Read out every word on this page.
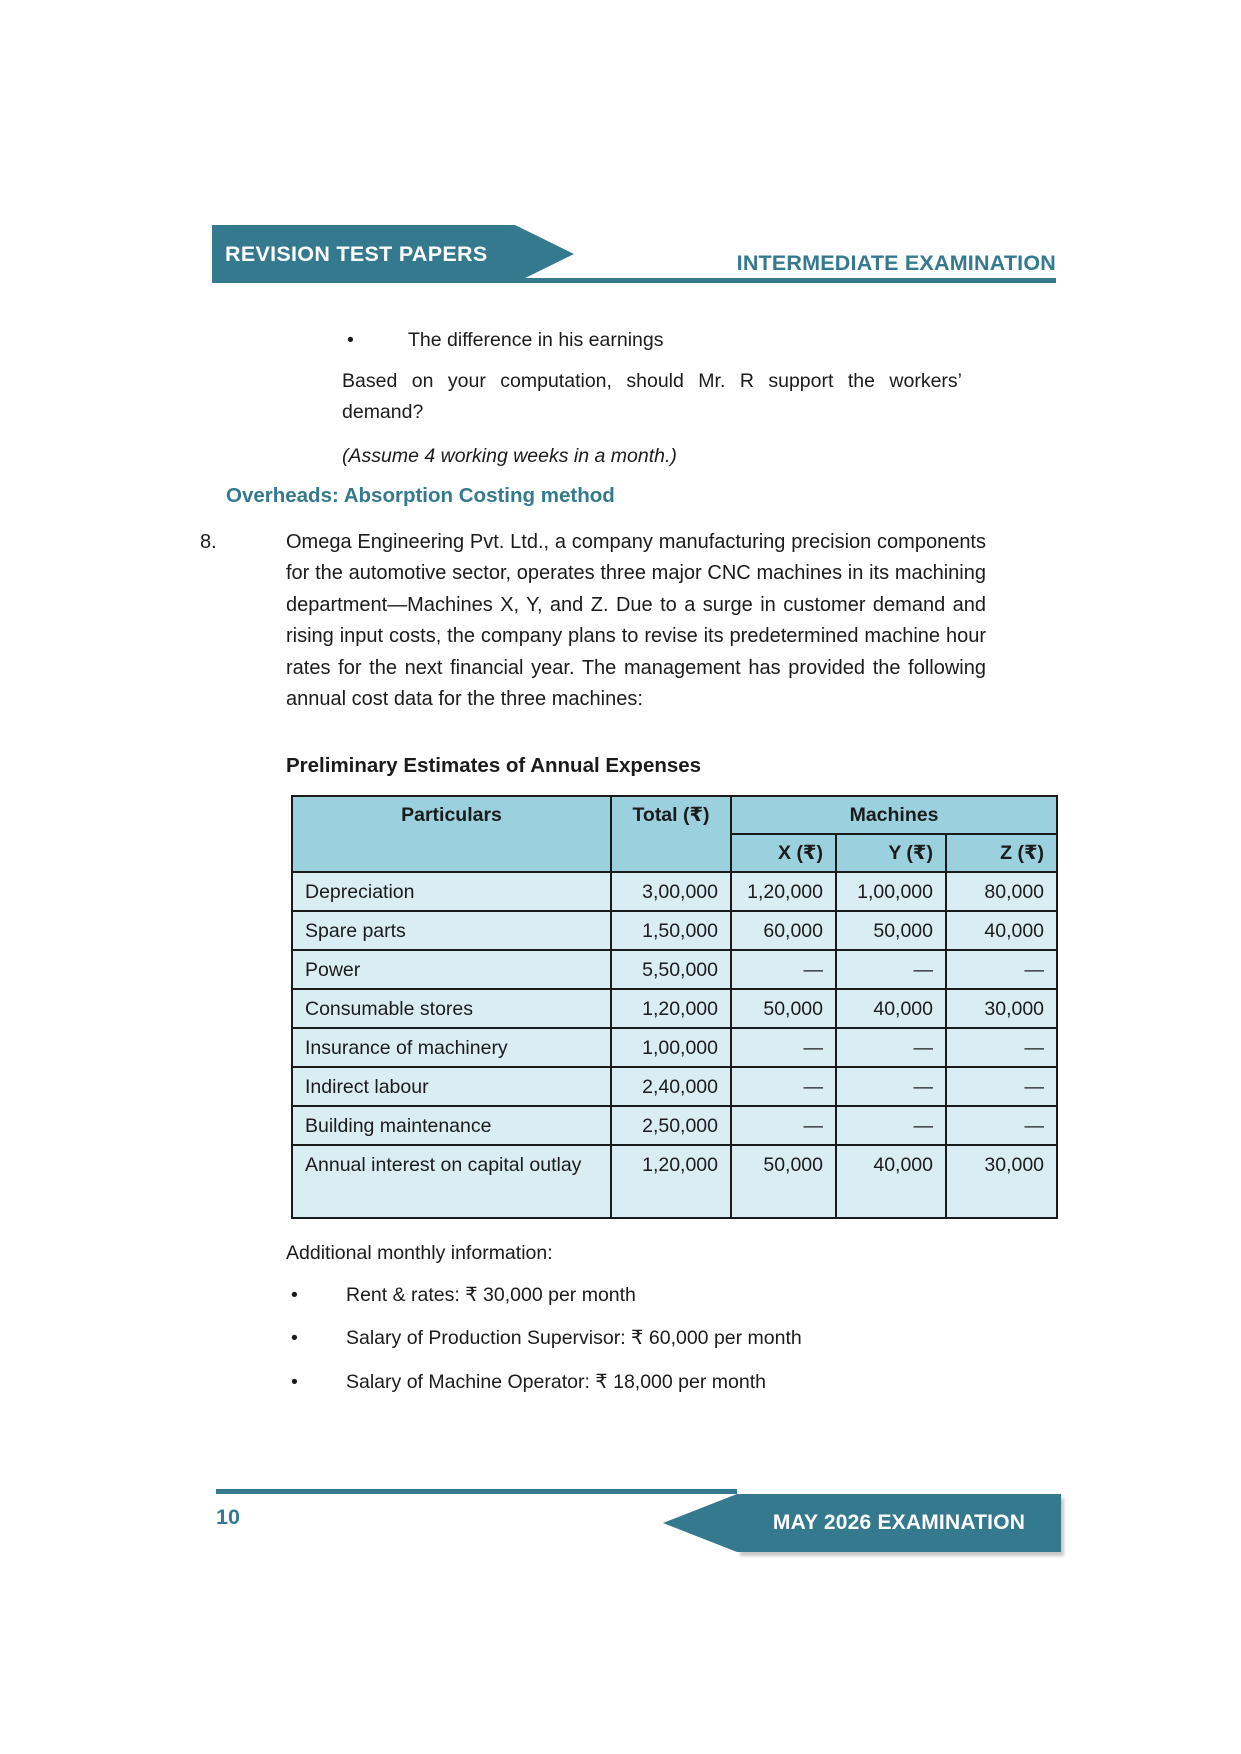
REVISION TEST PAPERS	INTERMEDIATE EXAMINATION
•	The difference in his earnings
Based on your computation, should Mr. R support the workers’ demand?
(Assume 4 working weeks in a month.)
Overheads: Absorption Costing method
8.	Omega Engineering Pvt. Ltd., a company manufacturing precision components for the automotive sector, operates three major CNC machines in its machining department—Machines X, Y, and Z. Due to a surge in customer demand and rising input costs, the company plans to revise its predetermined machine hour rates for the next financial year. The management has provided the following annual cost data for the three machines:
Preliminary Estimates of Annual Expenses
Particulars	Total (₹)	Machines		
		X (₹)	Y (₹)	Z (₹)
Depreciation	3,00,000	1,20,000	1,00,000	80,000
Spare parts	1,50,000	60,000	50,000	40,000
Power	5,50,000	—	—	—
Consumable stores	1,20,000	50,000	40,000	30,000
Insurance of machinery	1,00,000	—	—	—
Indirect labour	2,40,000	—	—	—
Building maintenance	2,50,000	—	—	—
Annual interest on capital outlay	1,20,000	50,000	40,000	30,000
Additional monthly information:
•	Rent & rates: ₹ 30,000 per month
•	Salary of Production Supervisor: ₹ 60,000 per month
•	Salary of Machine Operator: ₹ 18,000 per month
10	MAY 2026 EXAMINATION
